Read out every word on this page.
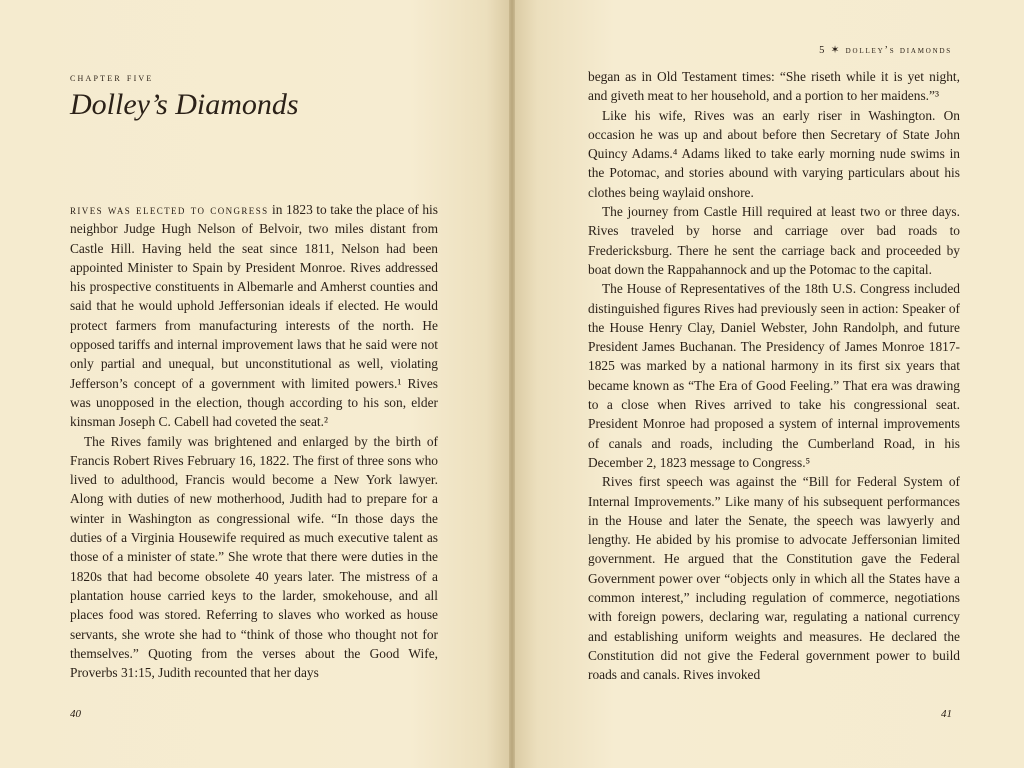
chapter five
Dolley’s Diamonds

rives was elected to congress in 1823 to take the place of his neighbor Judge Hugh Nelson of Belvoir, two miles distant from Castle Hill. Having held the seat since 1811, Nelson had been appointed Minister to Spain by President Monroe. Rives addressed his prospective constituents in Albemarle and Amherst counties and said that he would uphold Jeffersonian ideals if elected. He would protect farmers from manufacturing interests of the north. He opposed tariffs and internal improvement laws that he said were not only partial and unequal, but unconstitutional as well, violating Jefferson’s concept of a government with limited powers.¹ Rives was unopposed in the election, though according to his son, elder kinsman Joseph C. Cabell had coveted the seat.²

The Rives family was brightened and enlarged by the birth of Francis Robert Rives February 16, 1822. The first of three sons who lived to adulthood, Francis would become a New York lawyer. Along with duties of new motherhood, Judith had to prepare for a winter in Washington as congressional wife. “In those days the duties of a Virginia Housewife required as much executive talent as those of a minister of state.” She wrote that there were duties in the 1820s that had become obsolete 40 years later. The mistress of a plantation house carried keys to the larder, smokehouse, and all places food was stored. Referring to slaves who worked as house servants, she wrote she had to “think of those who thought not for themselves.” Quoting from the verses about the Good Wife, Proverbs 31:15, Judith recounted that her days

40
5 ✶ dolley’s diamonds

began as in Old Testament times: “She riseth while it is yet night, and giveth meat to her household, and a portion to her maidens.”³

Like his wife, Rives was an early riser in Washington. On occasion he was up and about before then Secretary of State John Quincy Adams.⁴ Adams liked to take early morning nude swims in the Potomac, and stories abound with varying particulars about his clothes being waylaid onshore.

The journey from Castle Hill required at least two or three days. Rives traveled by horse and carriage over bad roads to Fredericksburg. There he sent the carriage back and proceeded by boat down the Rappahannock and up the Potomac to the capital.

The House of Representatives of the 18th U.S. Congress included distinguished figures Rives had previously seen in action: Speaker of the House Henry Clay, Daniel Webster, John Randolph, and future President James Buchanan. The Presidency of James Monroe 1817-1825 was marked by a national harmony in its first six years that became known as “The Era of Good Feeling.” That era was drawing to a close when Rives arrived to take his congressional seat. President Monroe had proposed a system of internal improvements of canals and roads, including the Cumberland Road, in his December 2, 1823 message to Congress.⁵

Rives first speech was against the “Bill for Federal System of Internal Improvements.” Like many of his subsequent performances in the House and later the Senate, the speech was lawyerly and lengthy. He abided by his promise to advocate Jeffersonian limited government. He argued that the Constitution gave the Federal Government power over “objects only in which all the States have a common interest,” including regulation of commerce, negotiations with foreign powers, declaring war, regulating a national currency and establishing uniform weights and measures. He declared the Constitution did not give the Federal government power to build roads and canals. Rives invoked

41
